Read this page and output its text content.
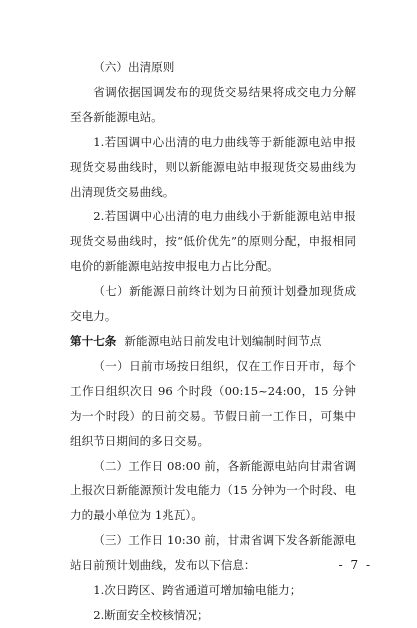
（六）出清原则

省调依据国调发布的现货交易结果将成交电力分解至各新能源电站。

1.若国调中心出清的电力曲线等于新能源电站申报现货交易曲线时，则以新能源电站申报现货交易曲线为出清现货交易曲线。

2.若国调中心出清的电力曲线小于新能源电站申报现货交易曲线时，按“低价优先”的原则分配，申报相同电价的新能源电站按申报电力占比分配。

（七）新能源日前终计划为日前预计划叠加现货成交电力。

第十七条 新能源电站日前发电计划编制时间节点

（一）日前市场按日组织，仅在工作日开市，每个工作日组织次日 96 个时段（00:15~24:00，15 分钟为一个时段）的日前交易。节假日前一工作日，可集中组织节日期间的多日交易。

（二）工作日 08:00 前，各新能源电站向甘肃省调上报次日新能源预计发电能力（15 分钟为一个时段、电力的最小单位为 1兆瓦）。

（三）工作日 10:30 前，甘肃省调下发各新能源电站日前预计划曲线，发布以下信息：

1.次日跨区、跨省通道可增加输电能力；

2.断面安全校核情况；

- 7 -
